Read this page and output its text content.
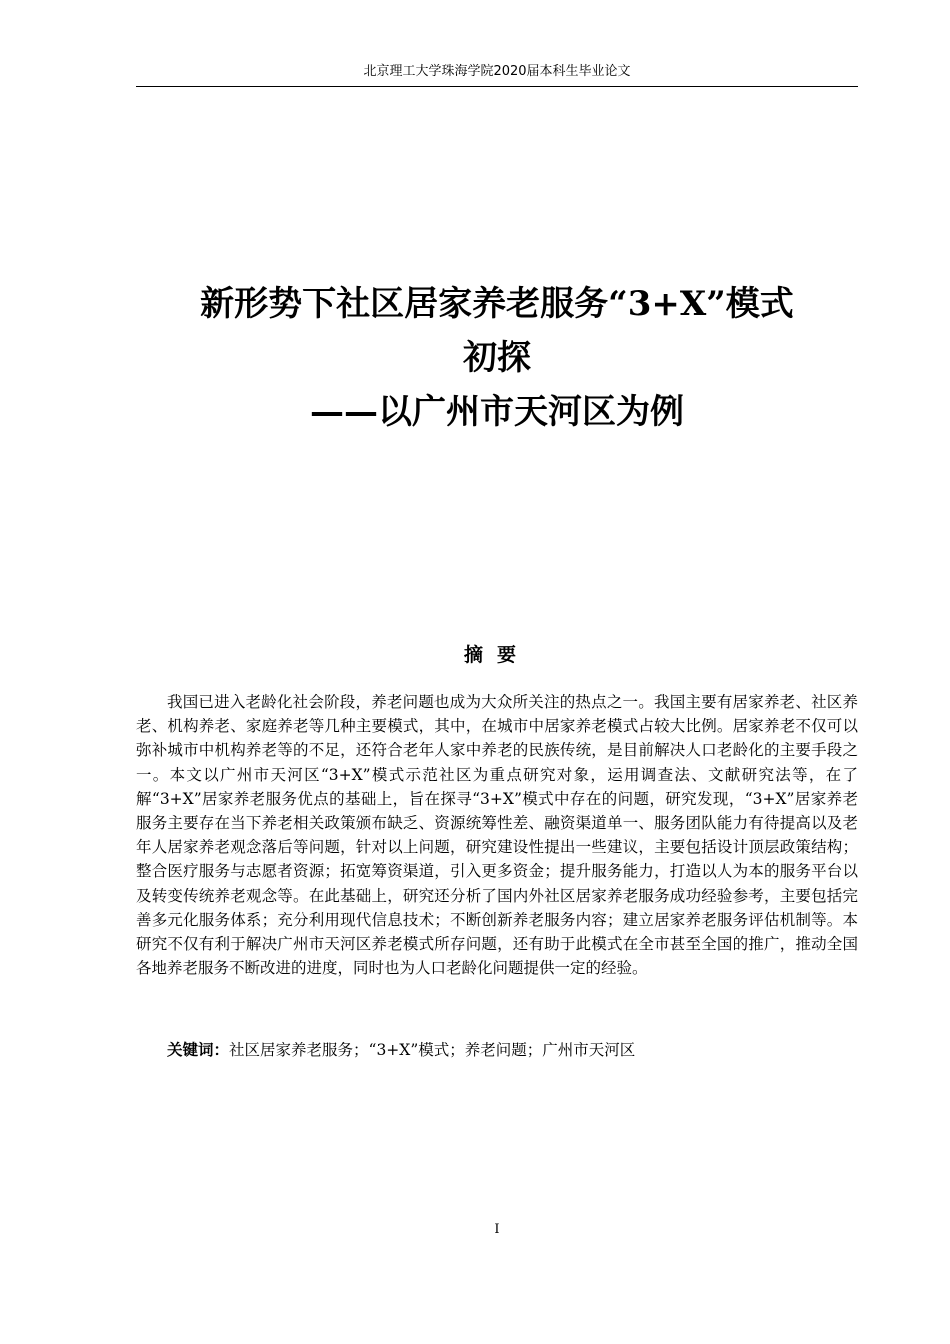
北京理工大学珠海学院2020届本科生毕业论文
新形势下社区居家养老服务“3+X”模式
初探
——以广州市天河区为例
摘要
我国已进入老龄化社会阶段，养老问题也成为大众所关注的热点之一。我国主要有居家养老、社区养老、机构养老、家庭养老等几种主要模式，其中，在城市中居家养老模式占较大比例。居家养老不仅可以弥补城市中机构养老等的不足，还符合老年人家中养老的民族传统，是目前解决人口老龄化的主要手段之一。本文以广州市天河区“3+X”模式示范社区为重点研究对象，运用调查法、文献研究法等，在了解“3+X”居家养老服务优点的基础上，旨在探寻“3+X”模式中存在的问题，研究发现，“3+X”居家养老服务主要存在当下养老相关政策颁布缺乏、资源统筹性差、融资渠道单一、服务团队能力有待提高以及老年人居家养老观念落后等问题，针对以上问题，研究建设性提出一些建议，主要包括设计顶层政策结构；整合医疗服务与志愿者资源；拓宽筹资渠道，引入更多资金；提升服务能力，打造以人为本的服务平台以及转变传统养老观念等。在此基础上，研究还分析了国内外社区居家养老服务成功经验参考，主要包括完善多元化服务体系；充分利用现代信息技术；不断创新养老服务内容；建立居家养老服务评估机制等。本研究不仅有利于解决广州市天河区养老模式所存问题，还有助于此模式在全市甚至全国的推广，推动全国各地养老服务不断改进的进度，同时也为人口老龄化问题提供一定的经验。
关键词：社区居家养老服务；“3+X”模式；养老问题；广州市天河区
I
